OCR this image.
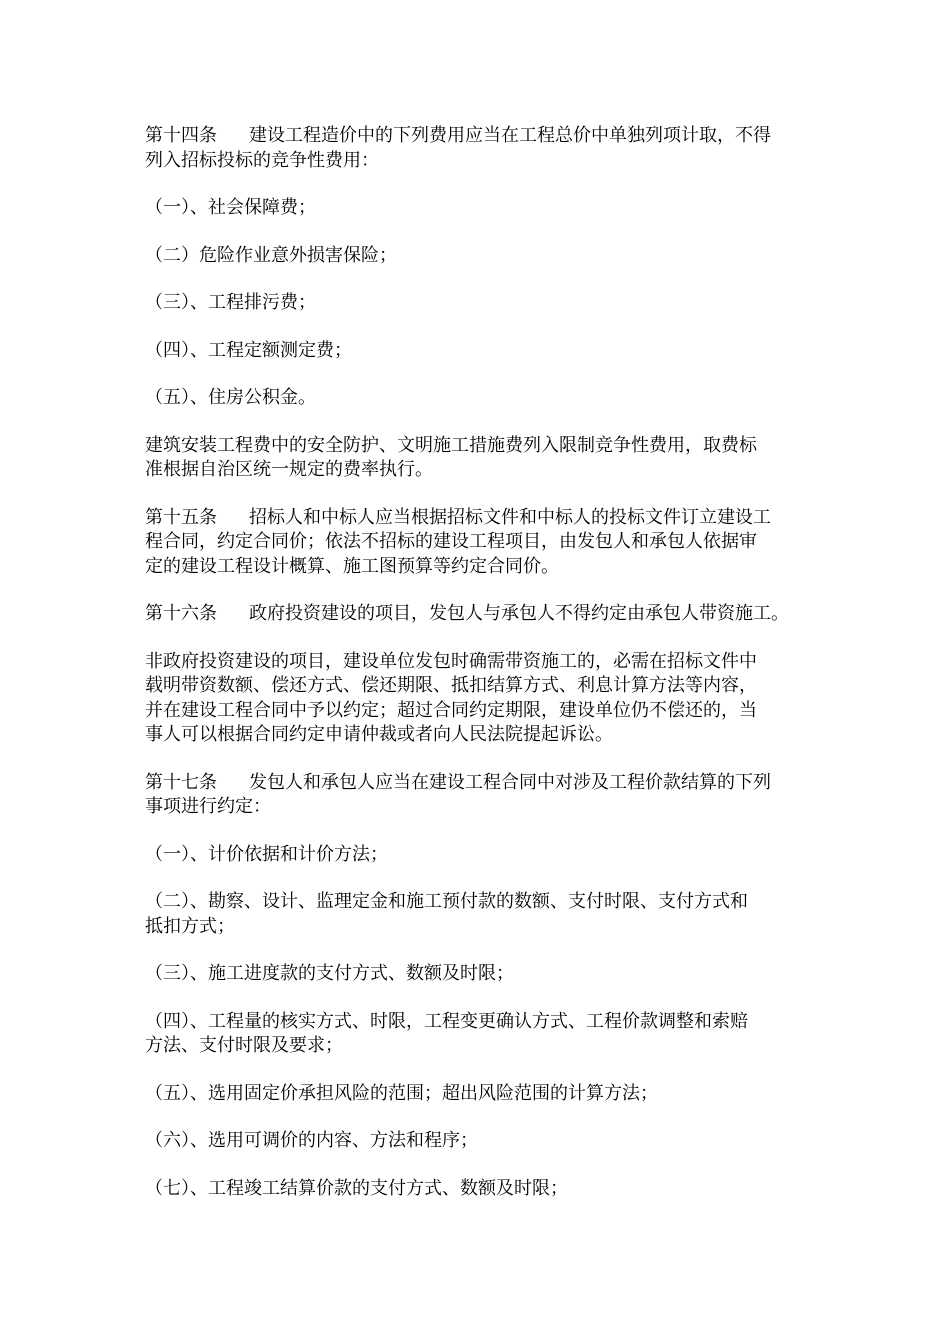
第十四条 建设工程造价中的下列费用应当在工程总价中单独列项计取，不得
列入招标投标的竞争性费用：

（一）、社会保障费；

（二）危险作业意外损害保险；

（三）、工程排污费；

（四）、工程定额测定费；

（五）、住房公积金。

建筑安装工程费中的安全防护、文明施工措施费列入限制竞争性费用，取费标
准根据自治区统一规定的费率执行。

第十五条 招标人和中标人应当根据招标文件和中标人的投标文件订立建设工
程合同，约定合同价；依法不招标的建设工程项目，由发包人和承包人依据审
定的建设工程设计概算、施工图预算等约定合同价。

第十六条 政府投资建设的项目，发包人与承包人不得约定由承包人带资施工。

非政府投资建设的项目，建设单位发包时确需带资施工的，必需在招标文件中
载明带资数额、偿还方式、偿还期限、抵扣结算方式、利息计算方法等内容，
并在建设工程合同中予以约定；超过合同约定期限，建设单位仍不偿还的，当
事人可以根据合同约定申请仲裁或者向人民法院提起诉讼。

第十七条 发包人和承包人应当在建设工程合同中对涉及工程价款结算的下列
事项进行约定：

（一）、计价依据和计价方法；

（二）、勘察、设计、监理定金和施工预付款的数额、支付时限、支付方式和
抵扣方式；

（三）、施工进度款的支付方式、数额及时限；

（四）、工程量的核实方式、时限，工程变更确认方式、工程价款调整和索赔
方法、支付时限及要求；

（五）、选用固定价承担风险的范围；超出风险范围的计算方法；

（六）、选用可调价的内容、方法和程序；

（七）、工程竣工结算价款的支付方式、数额及时限；
